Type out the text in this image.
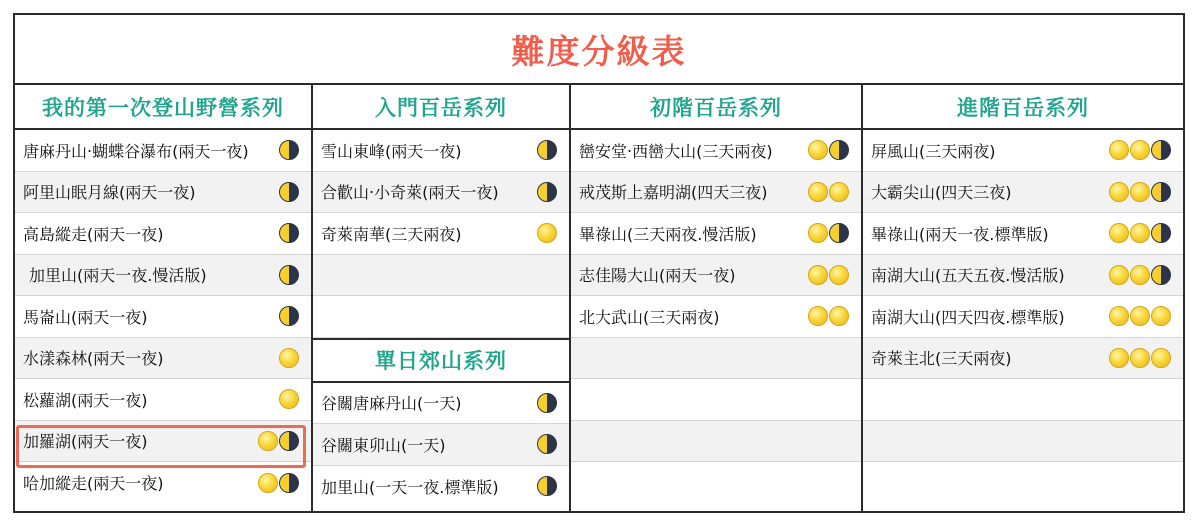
難度分級表
我的第一次登山野營系列
唐麻丹山‧蝴蝶谷瀑布(兩天一夜)
阿里山眠月線(兩天一夜)
高島縱走(兩天一夜)
加里山(兩天一夜.慢活版)
馬崙山(兩天一夜)
水漾森林(兩天一夜)
松蘿湖(兩天一夜)
加羅湖(兩天一夜)
哈加縱走(兩天一夜)
入門百岳系列
雪山東峰(兩天一夜)
合歡山‧小奇萊(兩天一夜)
奇萊南華(三天兩夜)
單日郊山系列
谷關唐麻丹山(一天)
谷關東卯山(一天)
加里山(一天一夜.標準版)
初階百岳系列
巒安堂‧西巒大山(三天兩夜)
戒茂斯上嘉明湖(四天三夜)
畢祿山(三天兩夜.慢活版)
志佳陽大山(兩天一夜)
北大武山(三天兩夜)
進階百岳系列
屏風山(三天兩夜)
大霸尖山(四天三夜)
畢祿山(兩天一夜.標準版)
南湖大山(五天五夜.慢活版)
南湖大山(四天四夜.標準版)
奇萊主北(三天兩夜)
